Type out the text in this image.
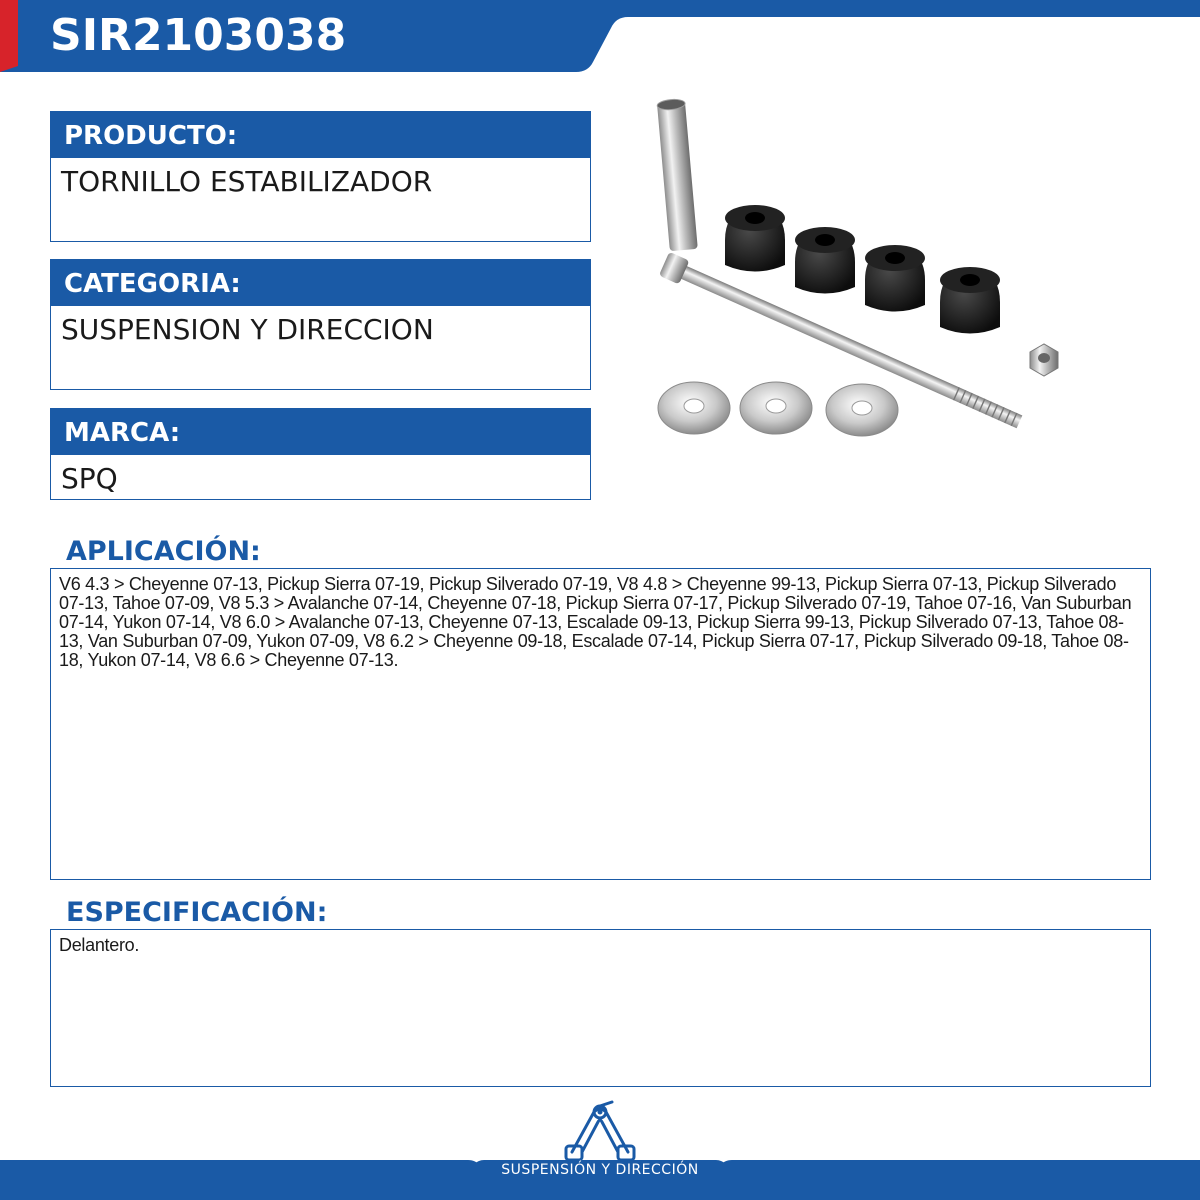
SIR2103038
PRODUCTO:
TORNILLO ESTABILIZADOR
CATEGORIA:
SUSPENSION Y DIRECCION
MARCA:
SPQ
APLICACIÓN:
V6 4.3 > Cheyenne 07-13, Pickup Sierra 07-19, Pickup Silverado 07-19, V8 4.8 > Cheyenne 99-13, Pickup Sierra 07-13, Pickup Silverado 07-13, Tahoe 07-09, V8 5.3 > Avalanche 07-14, Cheyenne 07-18, Pickup Sierra 07-17, Pickup Silverado 07-19, Tahoe 07-16, Van Suburban 07-14, Yukon 07-14, V8 6.0 > Avalanche 07-13, Cheyenne 07-13, Escalade 09-13, Pickup Sierra 99-13, Pickup Silverado 07-13, Tahoe 08-13, Van Suburban 07-09, Yukon 07-09, V8 6.2 > Cheyenne 09-18, Escalade 07-14, Pickup Sierra 07-17, Pickup Silverado 09-18, Tahoe 08-18, Yukon 07-14, V8 6.6 > Cheyenne 07-13.
ESPECIFICACIÓN:
Delantero.
SUSPENSIÓN Y DIRECCIÓN
